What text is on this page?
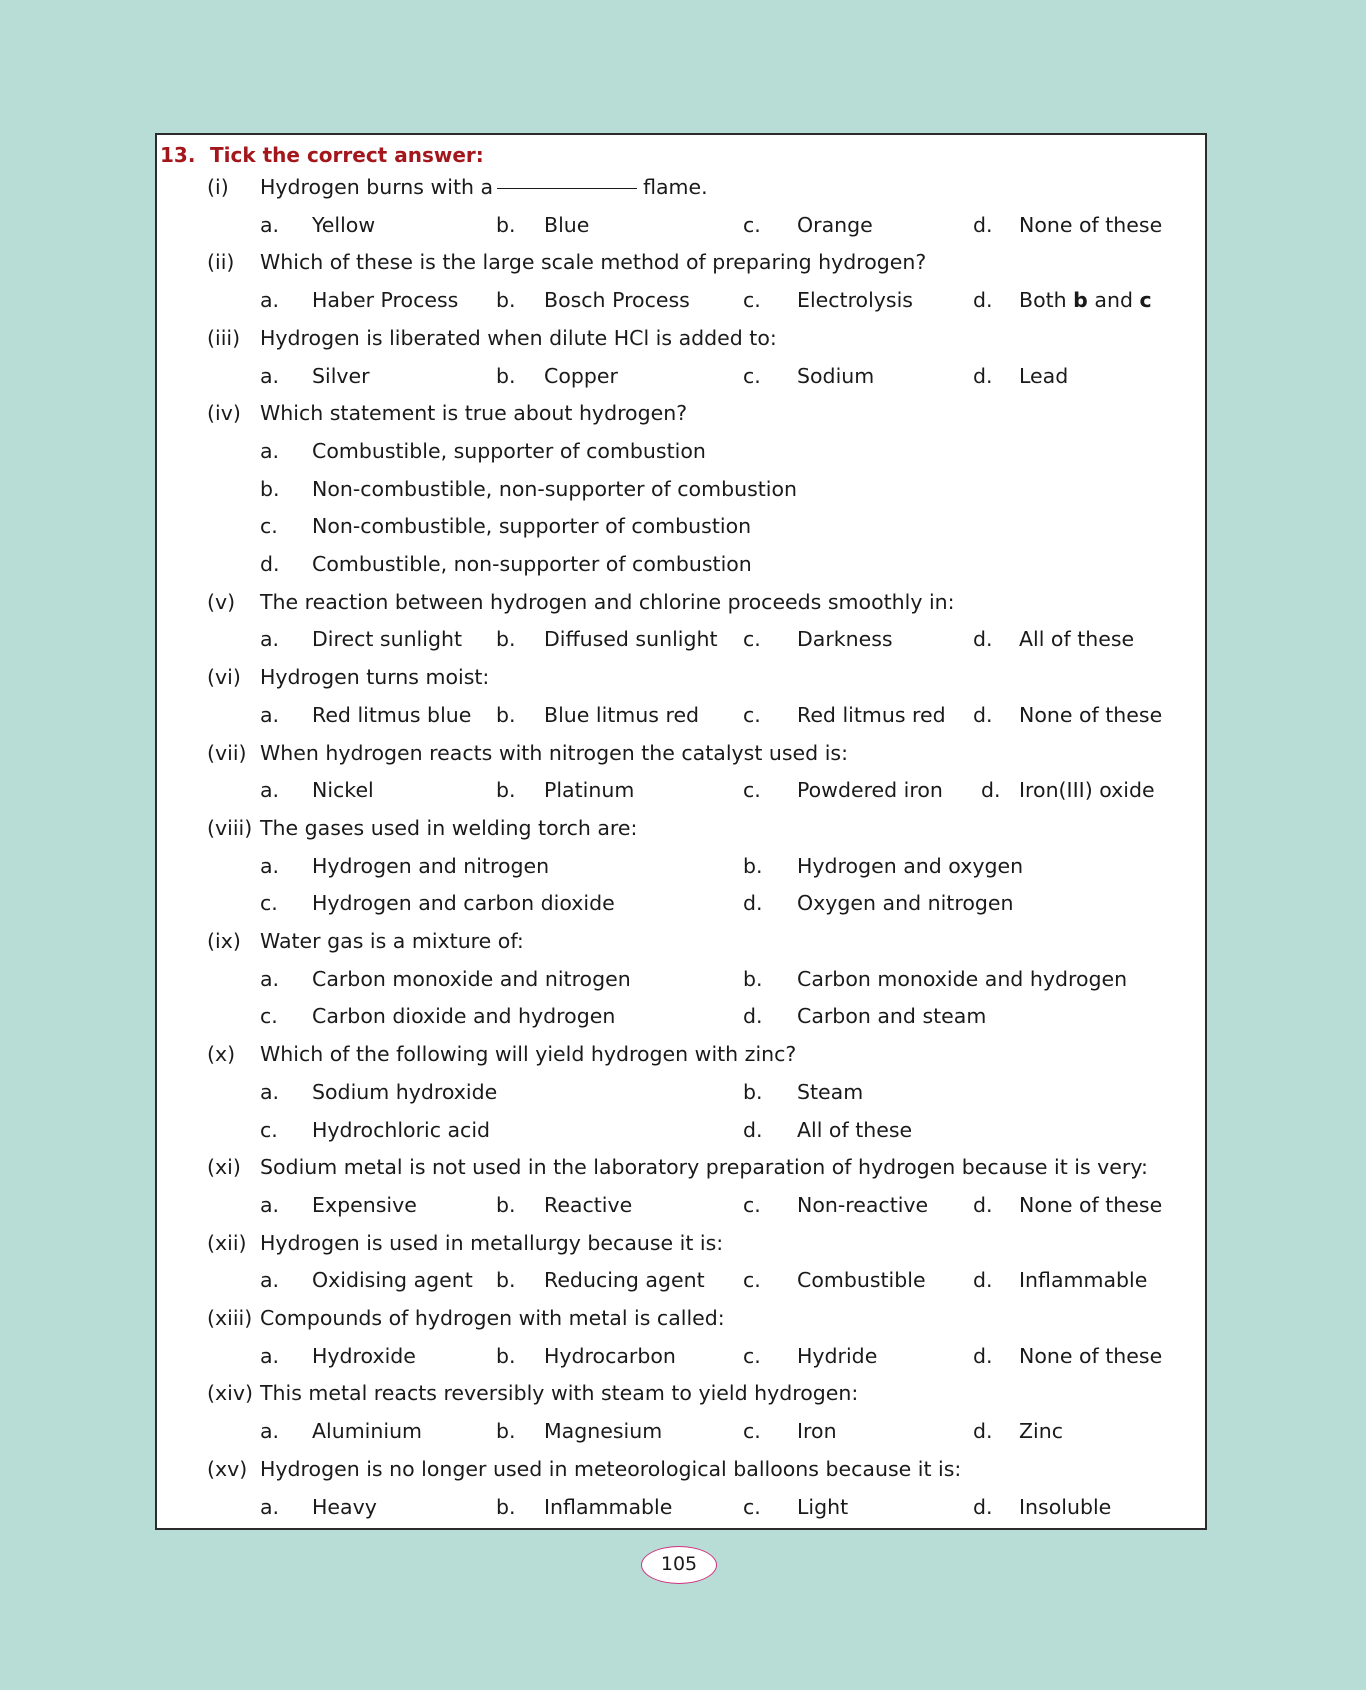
13. Tick the correct answer:
(i) Hydrogen burns with a	flame.
a. Yellow	b. Blue	c. Orange	d. None of these
(ii) Which of these is the large scale method of preparing hydrogen?
a. Haber Process b. Bosch Process	c. Electrolysis	d. Both b and c
(iii) Hydrogen is liberated when dilute HCl is added to:
a. Silver	b. Copper	c. Sodium	d. Lead
(iv) Which statement is true about hydrogen?
a. Combustible, supporter of combustion
b. Non-combustible, non-supporter of combustion
c. Non-combustible, supporter of combustion
d. Combustible, non-supporter of combustion
(v) The reaction between hydrogen and chlorine proceeds smoothly in:
a. Direct sunlight b. Diffused sunlight c. Darkness	d. All of these
(vi) Hydrogen turns moist:
a. Red litmus blue b. Blue litmus red c. Red litmus red d. None of these
(vii) When hydrogen reacts with nitrogen the catalyst used is:
a. Nickel	b. Platinum	c. Powdered iron d. Iron(III) oxide
(viii) The gases used in welding torch are:
a. Hydrogen and nitrogen	b. Hydrogen and oxygen
c. Hydrogen and carbon dioxide	d. Oxygen and nitrogen
(ix) Water gas is a mixture of:
a. Carbon monoxide and nitrogen	b. Carbon monoxide and hydrogen
c. Carbon dioxide and hydrogen	d. Carbon and steam
(x) Which of the following will yield hydrogen with zinc?
a. Sodium hydroxide	b. Steam
c. Hydrochloric acid	d. All of these
(xi) Sodium metal is not used in the laboratory preparation of hydrogen because it is very:
a. Expensive	b. Reactive	c. Non-reactive d. None of these
(xii) Hydrogen is used in metallurgy because it is:
a. Oxidising agent b. Reducing agent c. Combustible d. Inflammable
(xiii) Compounds of hydrogen with metal is called:
a. Hydroxide	b. Hydrocarbon	c. Hydride	d. None of these
(xiv) This metal reacts reversibly with steam to yield hydrogen:
a. Aluminium	b. Magnesium	c. Iron	d. Zinc
(xv) Hydrogen is no longer used in meteorological balloons because it is:
a. Heavy	b. Inflammable	c. Light	d. Insoluble
105
